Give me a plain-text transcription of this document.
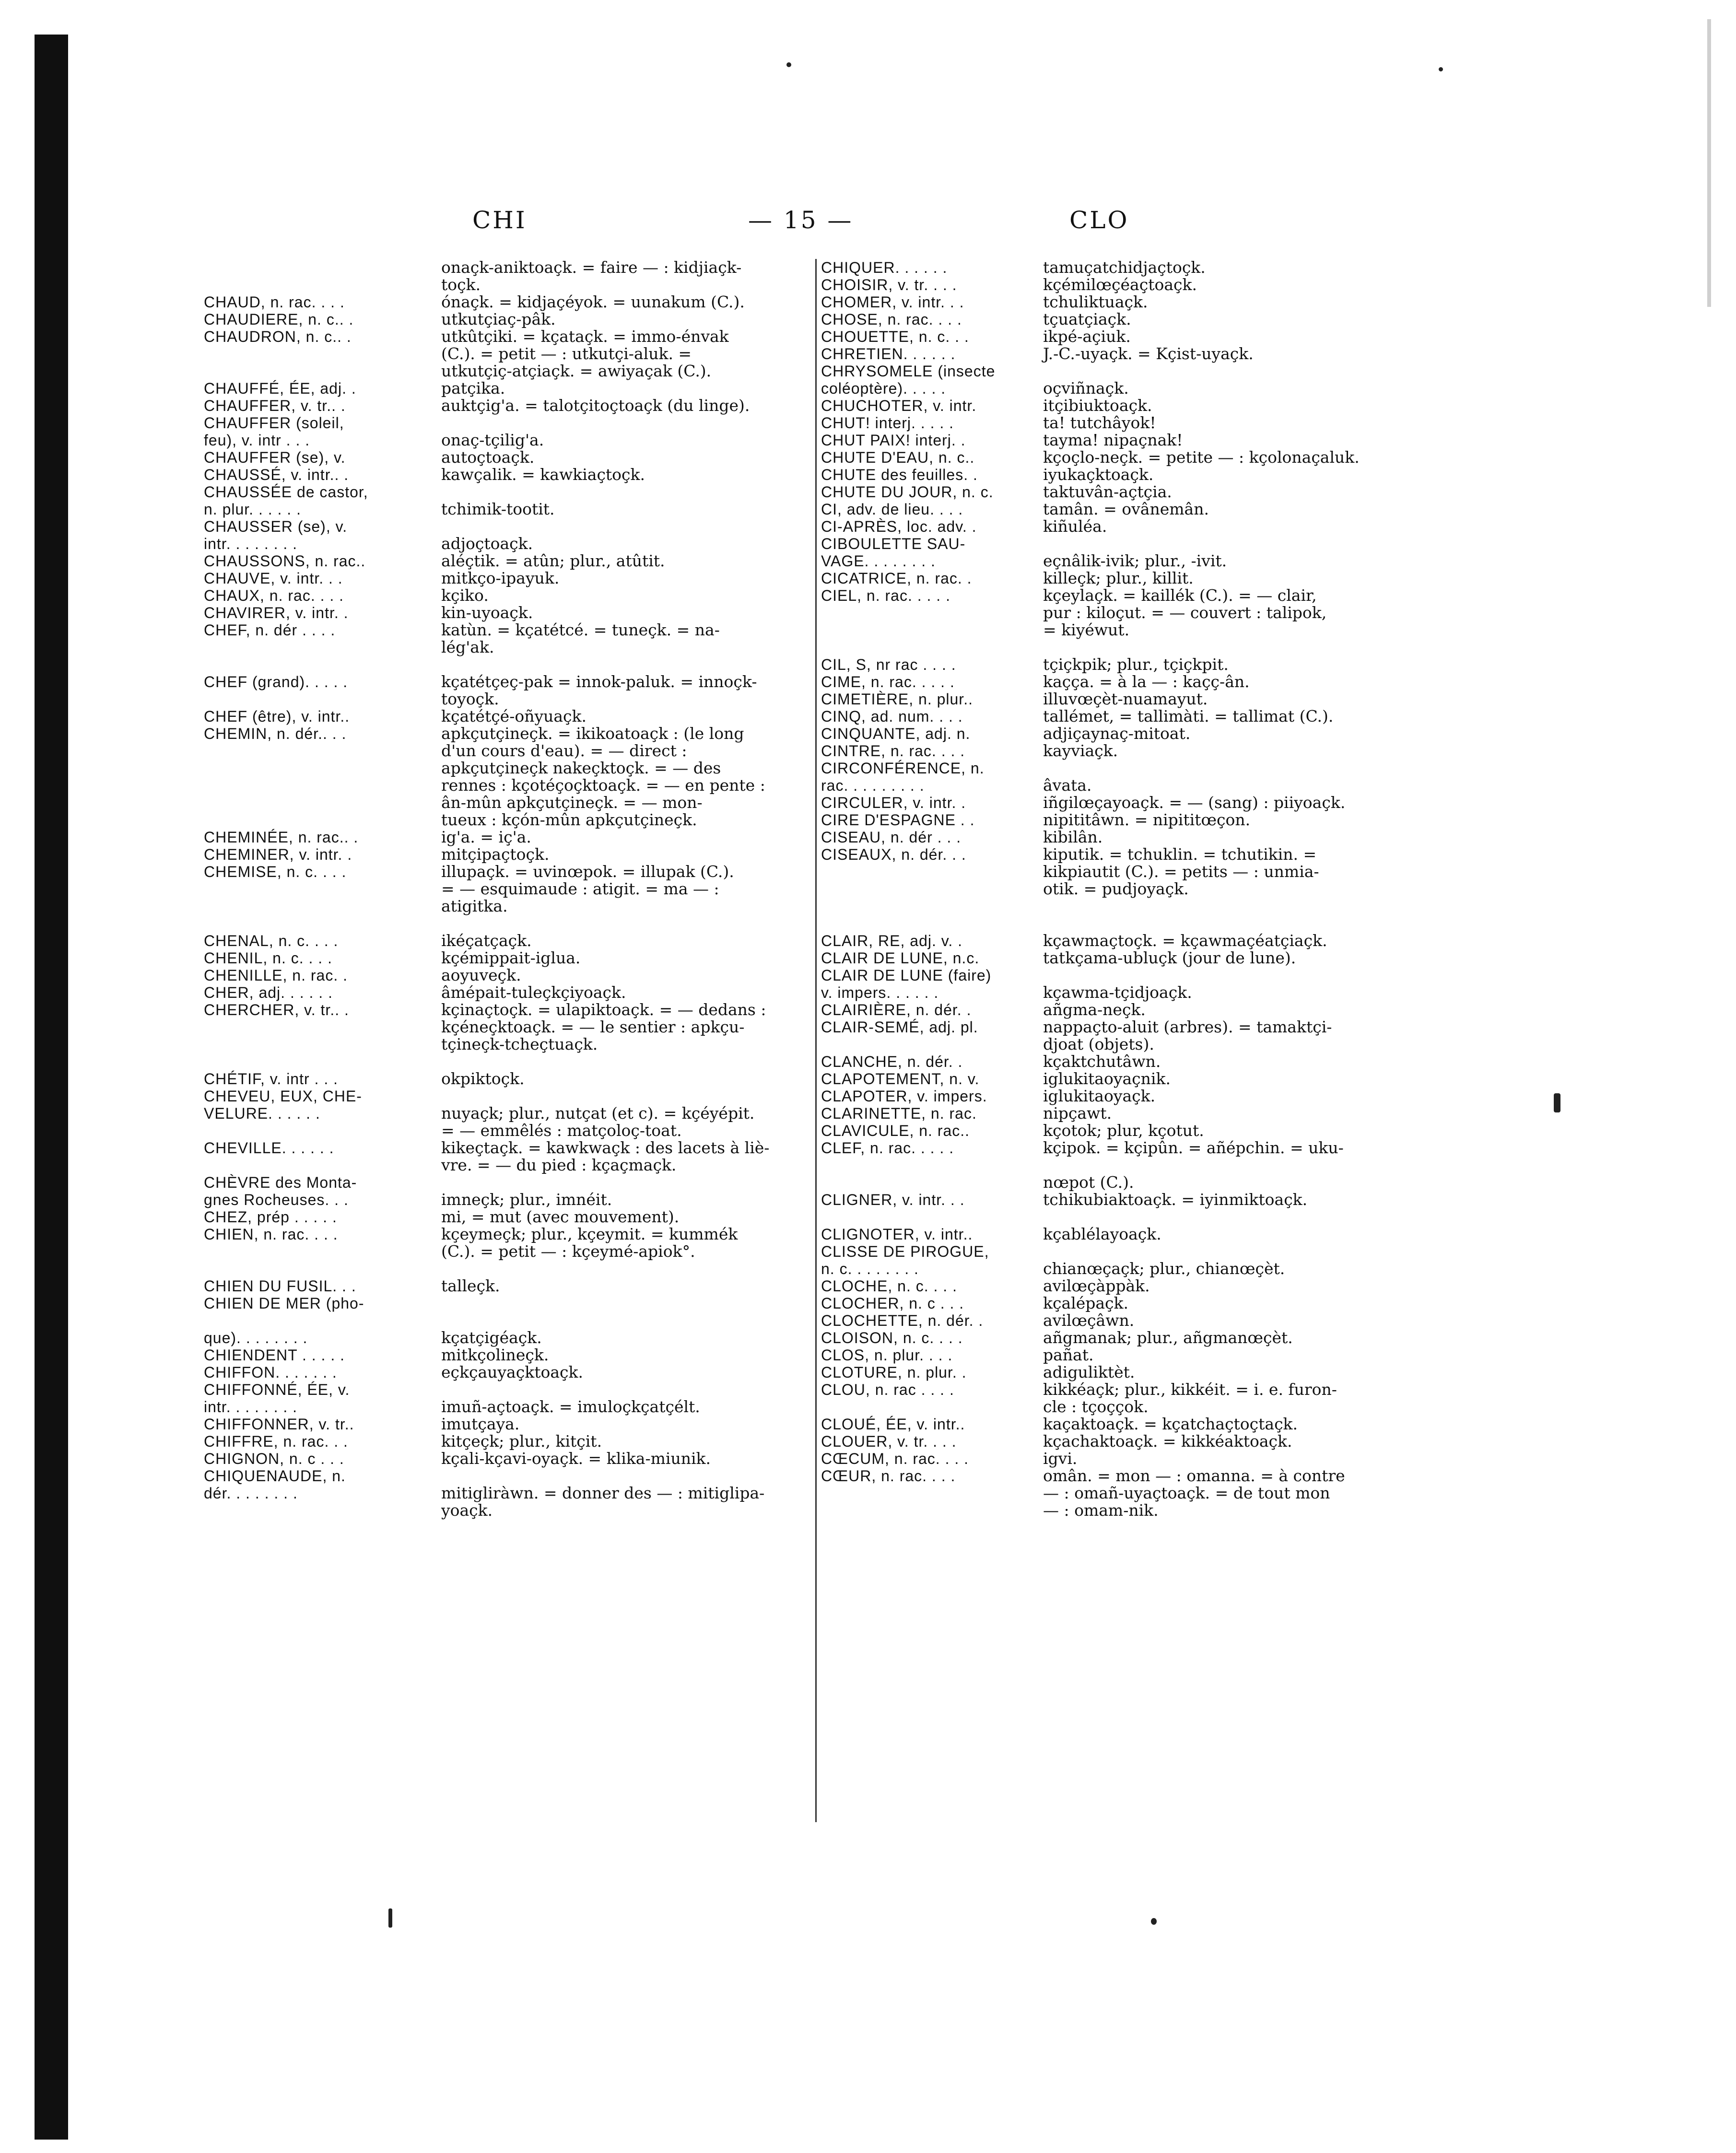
CHI	— 15 —	CLO
onaçk-aniktoaçk. = faire — : kidjiaçk-
toçk.
CHAUD, n. rac. . . .	ónaçk. = kidjaçéyok. = uunakum (C.).
CHAUDIERE, n. c.. .	utkutçiaç-pâk.
CHAUDRON, n. c.. .	utkûtçiki. = kçataçk. = immo-énvak
(C.). = petit — : utkutçi-aluk. =
utkutçiç-atçiaçk. = awiyaçak (C.).
CHAUFFÉ, ÉE, adj. .	patçika.
CHAUFFER, v. tr.. .	auktçig'a. = talotçitoçtoaçk (du linge).
CHAUFFER (soleil,
feu), v. intr . . .	onaç-tçilig'a.
CHAUFFER (se), v.	autoçtoaçk.
CHAUSSÉ, v. intr.. .	kawçalik. = kawkiaçtoçk.
CHAUSSÉE de castor,
n. plur. . . . . .	tchimik-tootit.
CHAUSSER (se), v.
intr. . . . . . . .	adjoçtoaçk.
CHAUSSONS, n. rac..	aléçtik. = atûn; plur., atûtit.
CHAUVE, v. intr. . .	mitkço-ipayuk.
CHAUX, n. rac. . . .	kçiko.
CHAVIRER, v. intr. .	kin-uyoaçk.
CHEF, n. dér . . . .	katùn. = kçatétcé. = tuneçk. = na-
lég'ak.
CHEF (grand). . . . .	kçatétçeç-pak = innok-paluk. = innoçk-
toyoçk.
CHEF (être), v. intr..	kçatétçé-oñyuaçk.
CHEMIN, n. dér.. . .	apkçutçineçk. = ikikoatoaçk : (le long
d'un cours d'eau). = — direct :
apkçutçineçk nakeçktoçk. = — des
rennes : kçotéçoçktoaçk. = — en pente :
ân-mûn apkçutçineçk. = — mon-
tueux : kçón-mûn apkçutçineçk.
CHEMINÉE, n. rac.. .	ig'a. = iç'a.
CHEMINER, v. intr. .	mitçipaçtoçk.
CHEMISE, n. c. . . .	illupaçk. = uvinœpok. = illupak (C.).
= — esquimaude : atigit. = ma — :
atigitka.
CHENAL, n. c. . . .	ikéçatçaçk.
CHENIL, n. c. . . .	kçémippait-iglua.
CHENILLE, n. rac. .	aoyuveçk.
CHER, adj. . . . . .	âmépait-tuleçkçiyoaçk.
CHERCHER, v. tr.. .	kçinaçtoçk. = ulapiktoaçk. = — dedans :
kçéneçktoaçk. = — le sentier : apkçu-
tçineçk-tcheçtuaçk.
CHÉTIF, v. intr . . .	okpiktoçk.
CHEVEU, EUX, CHE-
VELURE. . . . . .	nuyaçk; plur., nutçat (et c). = kçéyépit.
= — emmêlés : matçoloç-toat.
CHEVILLE. . . . . .	kikeçtaçk. = kawkwaçk : des lacets à liè-
vre. = — du pied : kçaçmaçk.
CHÈVRE des Monta-
gnes Rocheuses. . .	imneçk; plur., imnéit.
CHEZ, prép . . . . .	mi, = mut (avec mouvement).
CHIEN, n. rac. . . .	kçeymeçk; plur., kçeymit. = kummék
(C.). = petit — : kçeymé-apiok°.
CHIEN DU FUSIL. . .	talleçk.
CHIEN DE MER (pho-
que). . . . . . . .	kçatçigéaçk.
CHIENDENT . . . . .	mitkçolineçk.
CHIFFON. . . . . . .	eçkçauyaçktoaçk.
CHIFFONNÉ, ÉE, v.
intr. . . . . . . .	imuñ-açtoaçk. = imuloçkçatçélt.
CHIFFONNER, v. tr..	imutçaya.
CHIFFRE, n. rac. . .	kitçeçk; plur., kitçit.
CHIGNON, n. c . . .	kçali-kçavi-oyaçk. = klika-miunik.
CHIQUENAUDE, n.
dér. . . . . . . .	mitigliràwn. = donner des — : mitiglipa-
yoaçk.
CHIQUER. . . . . .	tamuçatchidjaçtoçk.
CHOISIR, v. tr. . . .	kçémilœçéaçtoaçk.
CHOMER, v. intr. . .	tchuliktuaçk.
CHOSE, n. rac. . . .	tçuatçiaçk.
CHOUETTE, n. c. . .	ikpé-açiuk.
CHRETIEN. . . . . .	J.-C.-uyaçk. = Kçist-uyaçk.
CHRYSOMELE (insecte
coléoptère). . . . .	oçviñnaçk.
CHUCHOTER, v. intr.	itçibiuktoaçk.
CHUT! interj. . . . .	ta! tutchâyok!
CHUT PAIX! interj. .	tayma! nipaçnak!
CHUTE D'EAU, n. c..	kçoçlo-neçk. = petite — : kçolonaçaluk.
CHUTE des feuilles. .	iyukaçktoaçk.
CHUTE DU JOUR, n. c.	taktuvân-açtçia.
CI, adv. de lieu. . . .	tamân. = ovânemân.
CI-APRÈS, loc. adv. .	kiñuléa.
CIBOULETTE SAU-
VAGE. . . . . . . .	eçnâlik-ivik; plur., -ivit.
CICATRICE, n. rac. .	killeçk; plur., killit.
CIEL, n. rac. . . . .	kçeylaçk. = kaillék (C.). = — clair,
pur : kiloçut. = — couvert : talipok,
= kiyéwut.
CIL, S, nr rac . . . .	tçiçkpik; plur., tçiçkpit.
CIME, n. rac. . . . .	kaçça. = à la — : kaçç-ân.
CIMETIÈRE, n. plur..	illuvœçèt-nuamayut.
CINQ, ad. num. . . .	tallémet, = tallimàti. = tallimat (C.).
CINQUANTE, adj. n.	adjiçaynaç-mitoat.
CINTRE, n. rac. . . .	kayviaçk.
CIRCONFÉRENCE, n.
rac. . . . . . . . .	âvata.
CIRCULER, v. intr. .	iñgilœçayoaçk. = — (sang) : piiyoaçk.
CIRE D'ESPAGNE . .	nipititâwn. = nipititœçon.
CISEAU, n. dér . . .	kibilân.
CISEAUX, n. dér. . .	kiputik. = tchuklin. = tchutikin. =
kikpiautit (C.). = petits — : unmia-
otik. = pudjoyaçk.
CLAIR, RE, adj. v. .	kçawmaçtoçk. = kçawmaçéatçiaçk.
CLAIR DE LUNE, n.c.	tatkçama-ubluçk (jour de lune).
CLAIR DE LUNE (faire)
v. impers. . . . . .	kçawma-tçidjoaçk.
CLAIRIÈRE, n. dér. .	añgma-neçk.
CLAIR-SEMÉ, adj. pl.	nappaçto-aluit (arbres). = tamaktçi-
djoat (objets).
CLANCHE, n. dér. .	kçaktchutâwn.
CLAPOTEMENT, n. v.	iglukitaoyaçnik.
CLAPOTER, v. impers.	iglukitaoyaçk.
CLARINETTE, n. rac.	nipçawt.
CLAVICULE, n. rac..	kçotok; plur, kçotut.
CLEF, n. rac. . . . .	kçipok. = kçipûn. = añépchin. = uku-
nœpot (C.).
CLIGNER, v. intr. . .	tchikubiaktoaçk. = iyinmiktoaçk.
CLIGNOTER, v. intr..	kçablélayoaçk.
CLISSE DE PIROGUE,
n. c. . . . . . . .	chianœçaçk; plur., chianœçèt.
CLOCHE, n. c. . . .	avilœçàppàk.
CLOCHER, n. c . . .	kçalépaçk.
CLOCHETTE, n. dér. .	avilœçâwn.
CLOISON, n. c. . . .	añgmanak; plur., añgmanœçèt.
CLOS, n. plur. . . .	pañat.
CLOTURE, n. plur. .	adiguliktèt.
CLOU, n. rac . . . .	kikkéaçk; plur., kikkéit. = i. e. furon-
cle : tçoççok.
CLOUÉ, ÉE, v. intr..	kaçaktoaçk. = kçatchaçtoçtaçk.
CLOUER, v. tr. . . .	kçachaktoaçk. = kikkéaktoaçk.
CŒCUM, n. rac. . . .	igvi.
CŒUR, n. rac. . . .	omân. = mon — : omanna. = à contre
— : omañ-uyaçtoaçk. = de tout mon
— : omam-nik.
